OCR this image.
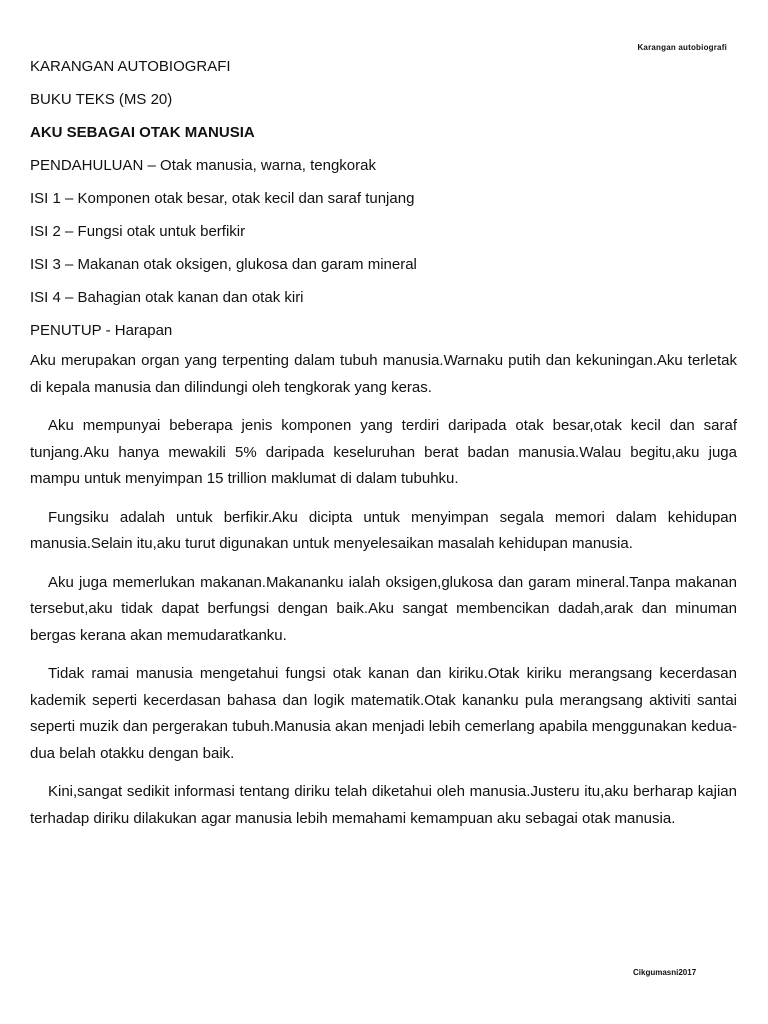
Karangan autobiografi
KARANGAN AUTOBIOGRAFI
BUKU TEKS (MS 20)
AKU SEBAGAI OTAK MANUSIA
PENDAHULUAN – Otak manusia, warna, tengkorak
ISI 1 – Komponen otak besar, otak kecil dan saraf tunjang
ISI 2 – Fungsi otak untuk berfikir
ISI 3 – Makanan otak oksigen, glukosa dan garam mineral
ISI 4 – Bahagian otak kanan dan otak kiri
PENUTUP - Harapan

Aku merupakan organ yang terpenting dalam tubuh manusia.Warnaku putih dan kekuningan.Aku terletak di kepala manusia dan dilindungi oleh tengkorak yang keras.

Aku mempunyai beberapa jenis komponen yang terdiri daripada otak besar,otak kecil dan saraf tunjang.Aku hanya mewakili 5% daripada keseluruhan berat badan manusia.Walau begitu,aku juga mampu untuk menyimpan 15 trillion maklumat di dalam tubuhku.

Fungsiku adalah untuk berfikir.Aku dicipta untuk menyimpan segala memori dalam kehidupan manusia.Selain itu,aku turut digunakan untuk menyelesaikan masalah kehidupan manusia.

Aku juga memerlukan makanan.Makananku ialah oksigen,glukosa dan garam mineral.Tanpa makanan tersebut,aku tidak dapat berfungsi dengan baik.Aku sangat membencikan dadah,arak dan minuman bergas kerana akan memudaratkanku.

Tidak ramai manusia mengetahui fungsi otak kanan dan kiriku.Otak kiriku merangsang kecerdasan kademik seperti kecerdasan bahasa dan logik matematik.Otak kananku pula merangsang aktiviti santai seperti muzik dan pergerakan tubuh.Manusia akan menjadi lebih cemerlang apabila menggunakan kedua-dua belah otakku dengan baik.

Kini,sangat sedikit informasi tentang diriku telah diketahui oleh manusia.Justeru itu,aku berharap kajian terhadap diriku dilakukan agar manusia lebih memahami kemampuan aku sebagai otak manusia.

Cikgumasni2017
